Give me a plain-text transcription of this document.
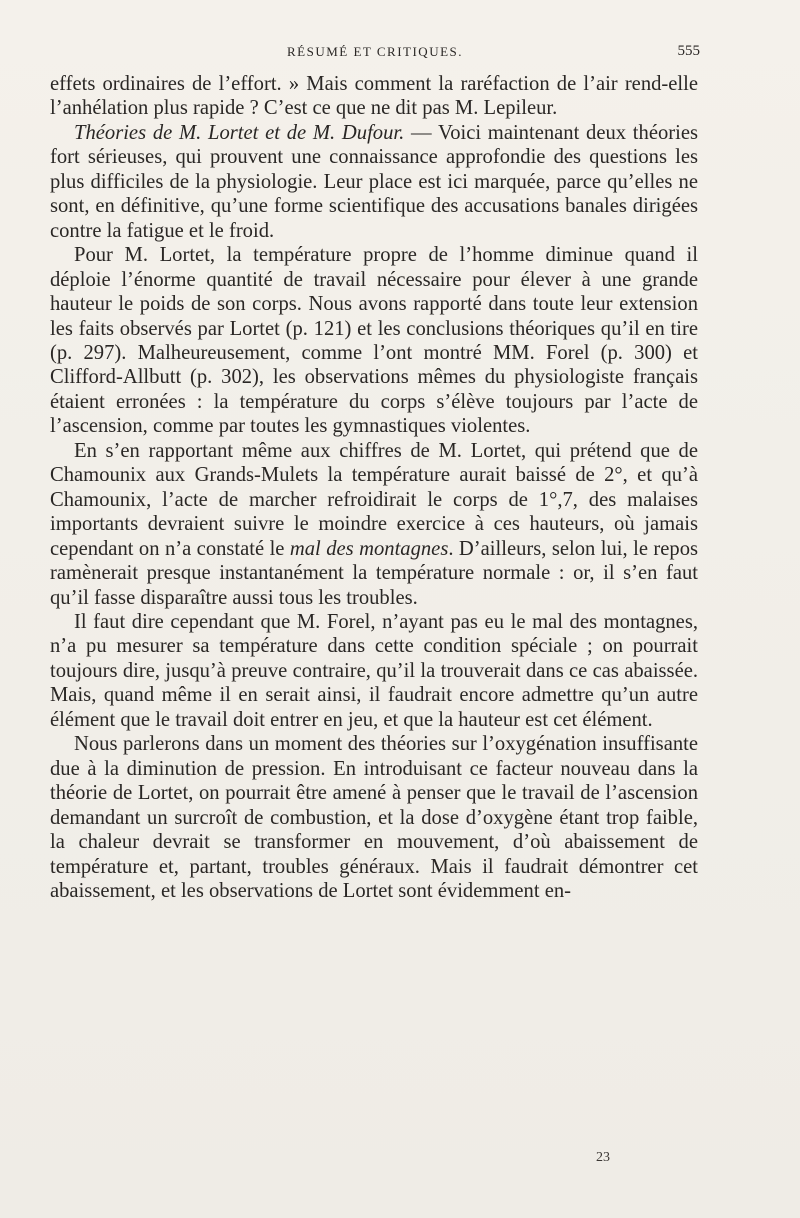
RÉSUMÉ ET CRITIQUES.	555

effets ordinaires de l’effort. » Mais comment la raréfaction de l’air rend-elle l’anhélation plus rapide ? C’est ce que ne dit pas M. Lepileur.

Théories de M. Lortet et de M. Dufour. — Voici maintenant deux théories fort sérieuses, qui prouvent une connaissance approfondie des questions les plus difficiles de la physiologie. Leur place est ici marquée, parce qu’elles ne sont, en définitive, qu’une forme scientifique des accusations banales dirigées contre la fatigue et le froid.

Pour M. Lortet, la température propre de l’homme diminue quand il déploie l’énorme quantité de travail nécessaire pour élever à une grande hauteur le poids de son corps. Nous avons rapporté dans toute leur extension les faits observés par Lortet (p. 121) et les conclusions théoriques qu’il en tire (p. 297). Malheureusement, comme l’ont montré MM. Forel (p. 300) et Clifford-Allbutt (p. 302), les observations mêmes du physiologiste français étaient erronées : la température du corps s’élève toujours par l’acte de l’ascension, comme par toutes les gymnastiques violentes.

En s’en rapportant même aux chiffres de M. Lortet, qui prétend que de Chamounix aux Grands-Mulets la température aurait baissé de 2°, et qu’à Chamounix, l’acte de marcher refroidirait le corps de 1°,7, des malaises importants devraient suivre le moindre exercice à ces hauteurs, où jamais cependant on n’a constaté le mal des montagnes. D’ailleurs, selon lui, le repos ramènerait presque instantanément la température normale : or, il s’en faut qu’il fasse disparaître aussi tous les troubles.

Il faut dire cependant que M. Forel, n’ayant pas eu le mal des montagnes, n’a pu mesurer sa température dans cette condition spéciale ; on pourrait toujours dire, jusqu’à preuve contraire, qu’il la trouverait dans ce cas abaissée. Mais, quand même il en serait ainsi, il faudrait encore admettre qu’un autre élément que le travail doit entrer en jeu, et que la hauteur est cet élément.

Nous parlerons dans un moment des théories sur l’oxygénation insuffisante due à la diminution de pression. En introduisant ce facteur nouveau dans la théorie de Lortet, on pourrait être amené à penser que le travail de l’ascension demandant un surcroît de combustion, et la dose d’oxygène étant trop faible, la chaleur devrait se transformer en mouvement, d’où abaissement de température et, partant, troubles généraux. Mais il faudrait démontrer cet abaissement, et les observations de Lortet sont évidemment en-

23
